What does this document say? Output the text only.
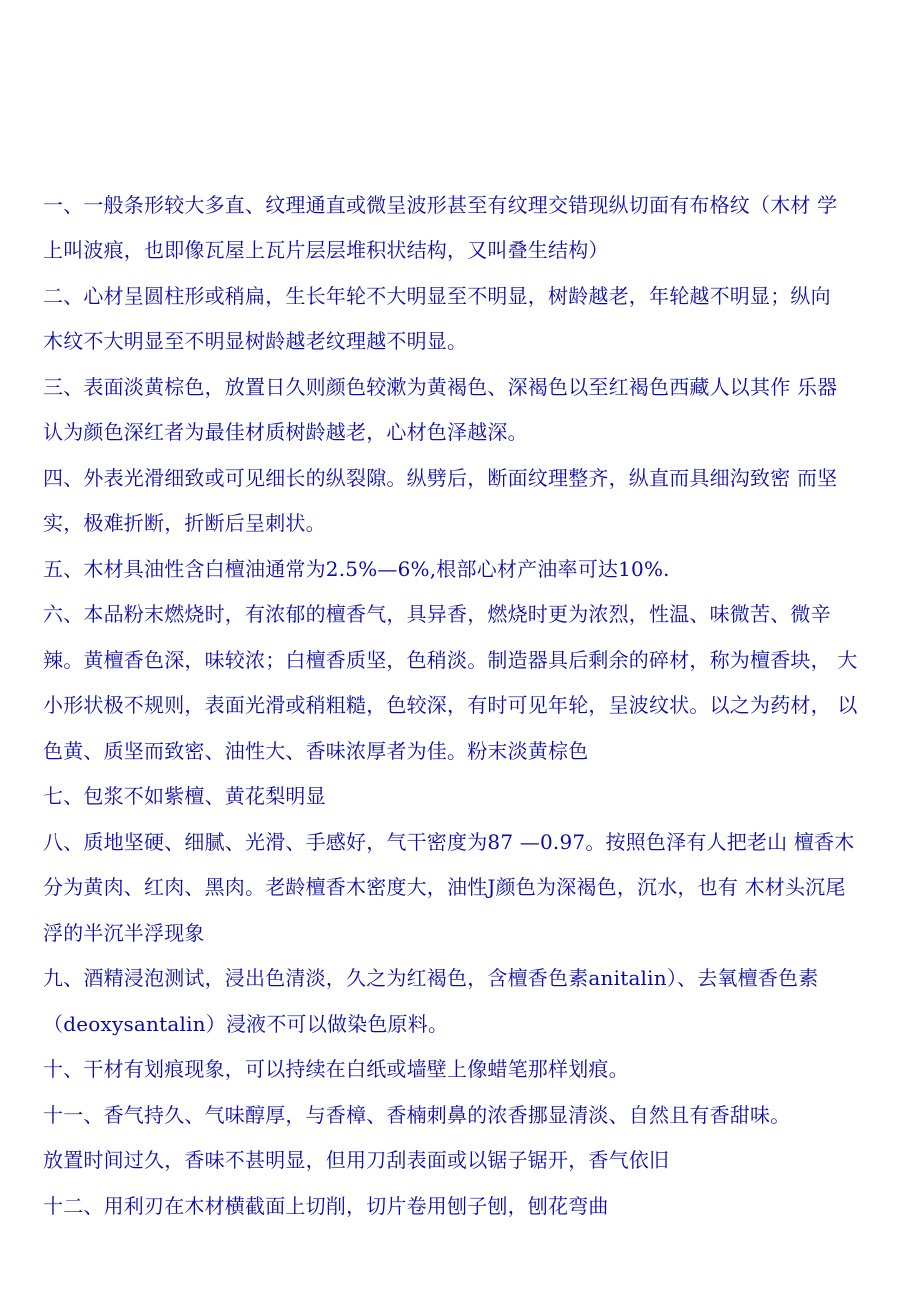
一、一般条形较大多直、纹理通直或微呈波形甚至有纹理交错现纵切面有布格纹（木材 学
上叫波痕，也即像瓦屋上瓦片层层堆积状结构，又叫叠生结构）
二、心材呈圆柱形或稍扁，生长年轮不大明显至不明显，树龄越老，年轮越不明显；纵向
木纹不大明显至不明显树龄越老纹理越不明显。
三、表面淡黄棕色，放置日久则颜色较漱为黄褐色、深褐色以至红褐色西藏人以其作 乐器
认为颜色深红者为最佳材质树龄越老，心材色泽越深。
四、外表光滑细致或可见细长的纵裂隙。纵劈后，断面纹理整齐，纵直而具细沟致密 而坚
实，极难折断，折断后呈刺状。
五、木材具油性含白檀油通常为2.5%—6%,根部心材产油率可达10%.
六、本品粉末燃烧时，有浓郁的檀香气，具异香，燃烧时更为浓烈，性温、味微苦、微辛
辣。黄檀香色深，味较浓；白檀香质坚，色稍淡。制造器具后剩余的碎材，称为檀香块， 大
小形状极不规则，表面光滑或稍粗糙，色较深，有时可见年轮，呈波纹状。以之为药材， 以
色黄、质坚而致密、油性大、香味浓厚者为佳。粉末淡黄棕色
七、包浆不如紫檀、黄花梨明显
八、质地坚硬、细腻、光滑、手感好，气干密度为87 —0.97。按照色泽有人把老山 檀香木
分为黄肉、红肉、黑肉。老龄檀香木密度大，油性J颜色为深褐色，沉水，也有 木材头沉尾
浮的半沉半浮现象
九、酒精浸泡测试，浸出色清淡，久之为红褐色，含檀香色素anitalin）、去氧檀香色素
（deoxysantalin）浸液不可以做染色原料。
十、干材有划痕现象，可以持续在白纸或墙壁上像蜡笔那样划痕。
十一、香气持久、气味醇厚，与香樟、香楠刺鼻的浓香挪显清淡、自然且有香甜味。
放置时间过久，香味不甚明显，但用刀刮表面或以锯子锯开，香气依旧
十二、用利刃在木材横截面上切削，切片卷用刨子刨，刨花弯曲
